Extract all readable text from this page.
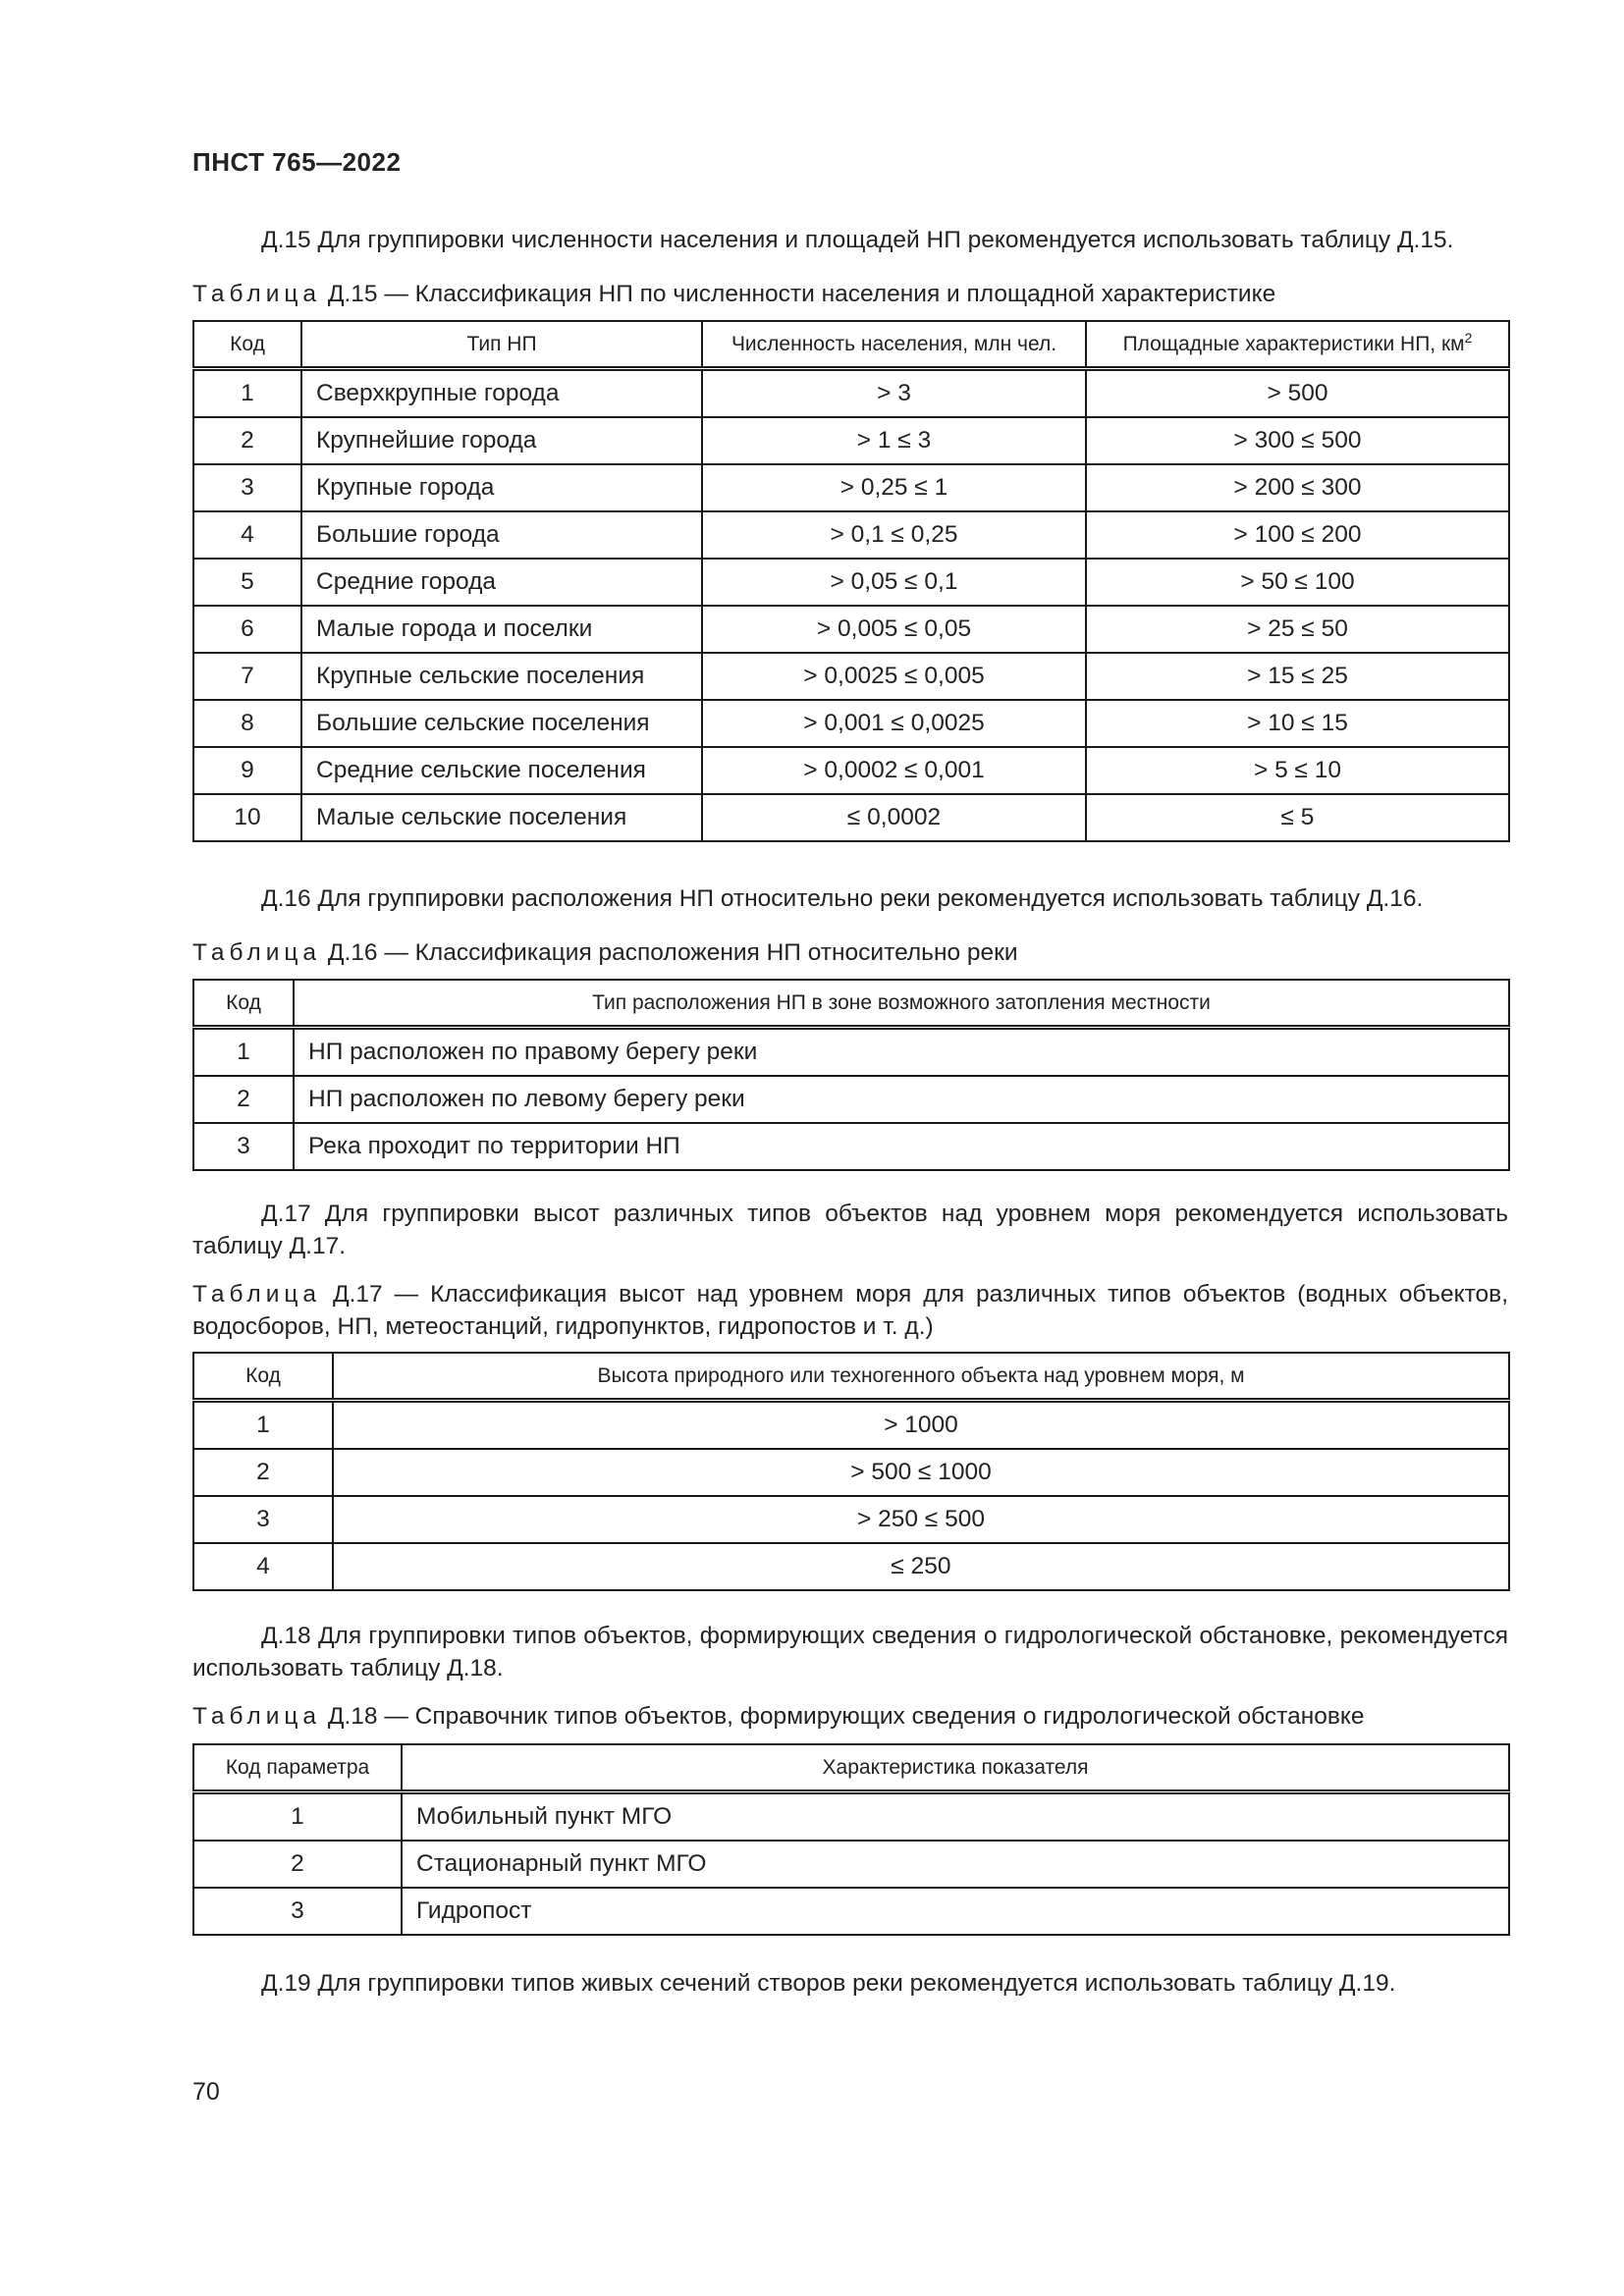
ПНСТ 765—2022
Д.15 Для группировки численности населения и площадей НП рекомендуется использовать таблицу Д.15.
Таблица Д.15 — Классификация НП по численности населения и площадной характеристике
Код	Тип НП	Численность населения, млн чел.	Площадные характеристики НП, $км^2$
1	Сверхкрупные города	> 3	> 500
2	Крупнейшие города	> 1 ≤ 3	> 300 ≤ 500
3	Крупные города	> 0,25 ≤ 1	> 200 ≤ 300
4	Большие города	> 0,1 ≤ 0,25	> 100 ≤ 200
5	Средние города	> 0,05 ≤ 0,1	> 50 ≤ 100
6	Малые города и поселки	> 0,005 ≤ 0,05	> 25 ≤ 50
7	Крупные сельские поселения	> 0,0025 ≤ 0,005	> 15 ≤ 25
8	Большие сельские поселения	> 0,001 ≤ 0,0025	> 10 ≤ 15
9	Средние сельские поселения	> 0,0002 ≤ 0,001	> 5 ≤ 10
10	Малые сельские поселения	≤ 0,0002	≤ 5
Д.16 Для группировки расположения НП относительно реки рекомендуется использовать таблицу Д.16.
Таблица Д.16 — Классификация расположения НП относительно реки
Код	Тип расположения НП в зоне возможного затопления местности
1	НП расположен по правому берегу реки
2	НП расположен по левому берегу реки
3	Река проходит по территории НП
Д.17 Для группировки высот различных типов объектов над уровнем моря рекомендуется использовать таблицу Д.17.
Таблица Д.17 — Классификация высот над уровнем моря для различных типов объектов (водных объектов, водосборов, НП, метеостанций, гидропунктов, гидропостов и т. д.)
Код	Высота природного или техногенного объекта над уровнем моря, м
1	> 1000
2	> 500 ≤ 1000
3	> 250 ≤ 500
4	≤ 250
Д.18 Для группировки типов объектов, формирующих сведения о гидрологической обстановке, рекомендуется использовать таблицу Д.18.
Таблица Д.18 — Справочник типов объектов, формирующих сведения о гидрологической обстановке
Код параметра	Характеристика показателя
1	Мобильный пункт МГО
2	Стационарный пункт МГО
3	Гидропост
Д.19 Для группировки типов живых сечений створов реки рекомендуется использовать таблицу Д.19.
70
